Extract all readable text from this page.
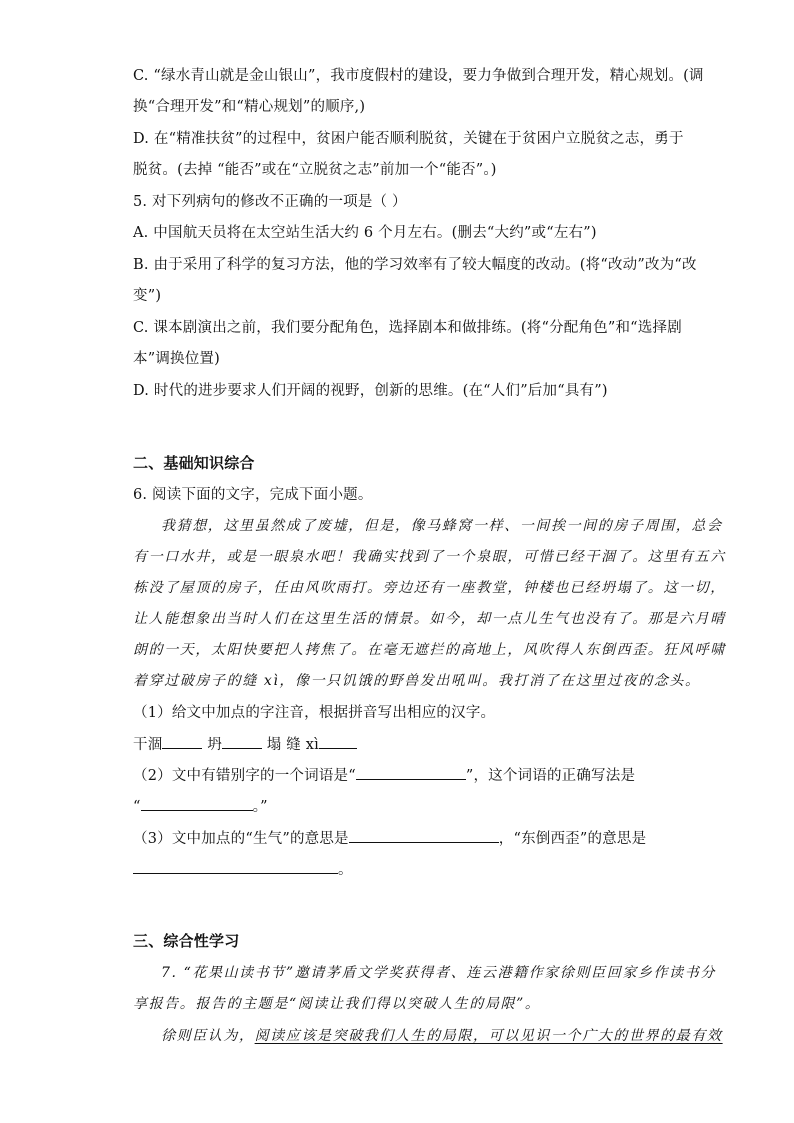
C. “绿水青山就是金山银山”，我市度假村的建设，要力争做到合理开发，精心规划。(调
换“合理开发”和“精心规划”的顺序,)
D. 在“精准扶贫”的过程中，贫困户能否顺利脱贫，关键在于贫困户立脱贫之志，勇于
脱贫。(去掉 “能否”或在“立脱贫之志”前加一个“能否”。)
5. 对下列病句的修改不正确的一项是（ ）
A. 中国航天员将在太空站生活大约 6 个月左右。(删去“大约”或“左右”)
B. 由于采用了科学的复习方法，他的学习效率有了较大幅度的改动。(将“改动”改为“改
变”)
C. 课本剧演出之前，我们要分配角色，选择剧本和做排练。(将“分配角色”和“选择剧
本”调换位置)
D. 时代的进步要求人们开阔的视野，创新的思维。(在“人们”后加“具有”)
二、基础知识综合
6. 阅读下面的文字，完成下面小题。
我猜想，这里虽然成了废墟，但是，像马蜂窝一样、一间挨一间的房子周围，总会
有一口水井，或是一眼泉水吧！我确实找到了一个泉眼，可惜已经干涸了。这里有五六
栋没了屋顶的房子，任由风吹雨打。旁边还有一座教堂，钟楼也已经坍塌了。这一切，
让人能想象出当时人们在这里生活的情景。如今，却一点儿生气也没有了。那是六月晴
朗的一天，太阳快要把人拷焦了。在毫无遮拦的高地上，风吹得人东倒西歪。狂风呼啸
着穿过破房子的缝 xì，像一只饥饿的野兽发出吼叫。我打消了在这里过夜的念头。
（1）给文中加点的字注音，根据拼音写出相应的汉字。
干涸	坍	塌 缝 xì
（2）文中有错别字的一个词语是“	”，这个词语的正确写法是
“	。”
（3）文中加点的“生气”的意思是	，“东倒西歪”的意思是
。
三、综合性学习
7. “花果山读书节”邀请茅盾文学奖获得者、连云港籍作家徐则臣回家乡作读书分
享报告。报告的主题是“阅读让我们得以突破人生的局限”。
徐则臣认为，阅读应该是突破我们人生的局限，可以见识一个广大的世界的最有效
